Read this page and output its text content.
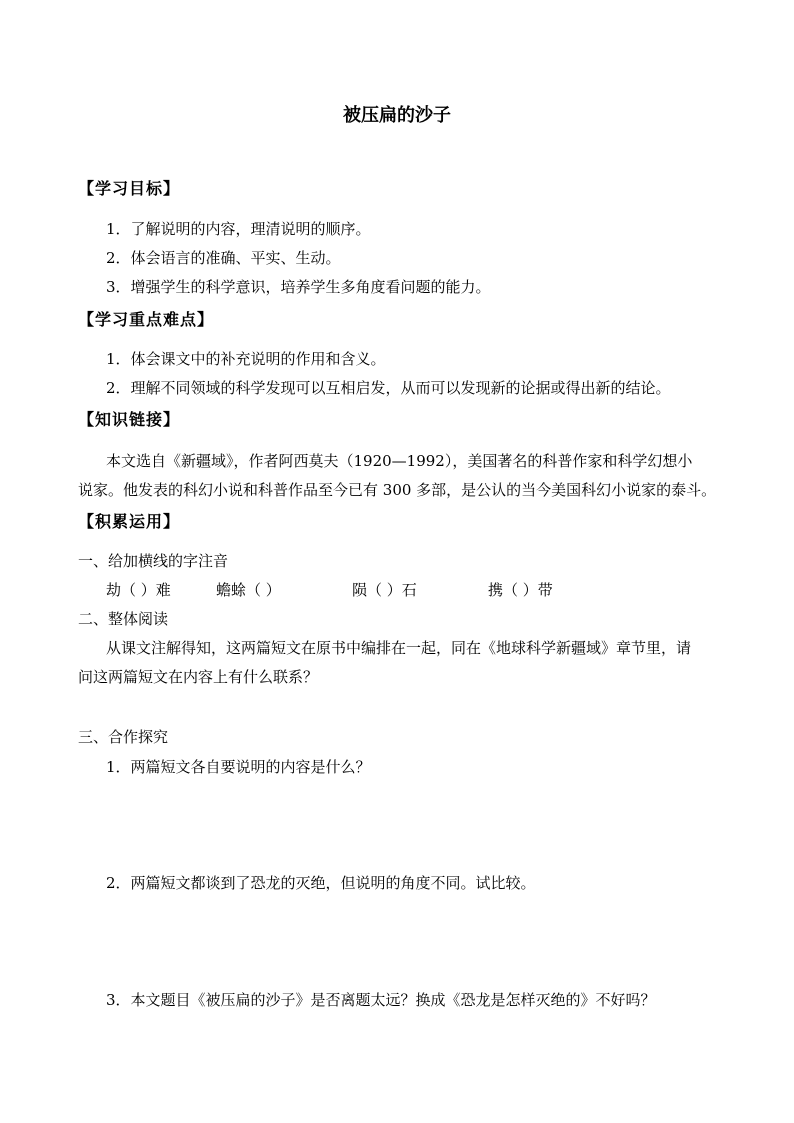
被压扁的沙子
【学习目标】
1．了解说明的内容，理清说明的顺序。
2．体会语言的准确、平实、生动。
3．增强学生的科学意识，培养学生多角度看问题的能力。
【学习重点难点】
1．体会课文中的补充说明的作用和含义。
2．理解不同领域的科学发现可以互相启发，从而可以发现新的论据或得出新的结论。
【知识链接】
本文选自《新疆域》，作者阿西莫夫（1920—1992），美国著名的科普作家和科学幻想小
说家。他发表的科幻小说和科普作品至今已有 300 多部，是公认的当今美国科幻小说家的泰斗。
【积累运用】
一、给加横线的字注音
劫（ ）难	蟾蜍（ ）	陨（ ）石	携（ ）带
二、整体阅读
从课文注解得知，这两篇短文在原书中编排在一起，同在《地球科学新疆域》章节里，请
问这两篇短文在内容上有什么联系？
三、合作探究
1．两篇短文各自要说明的内容是什么？
2．两篇短文都谈到了恐龙的灭绝，但说明的角度不同。试比较。
3．本文题目《被压扁的沙子》是否离题太远？换成《恐龙是怎样灭绝的》不好吗？
